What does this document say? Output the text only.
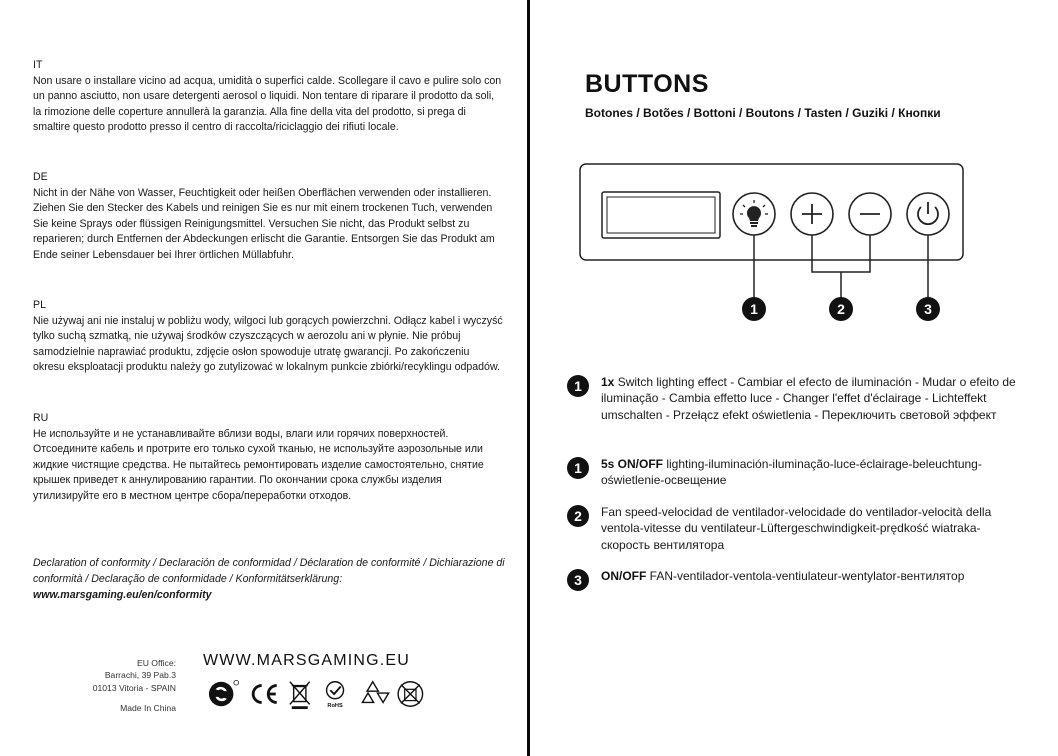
IT
Non usare o installare vicino ad acqua, umidità o superfici calde. Scollegare il cavo e pulire solo con un panno asciutto, non usare detergenti aerosol o liquidi. Non tentare di riparare il prodotto da soli, la rimozione delle coperture annullerà la garanzia. Alla fine della vita del prodotto, si prega di smaltire questo prodotto presso il centro di raccolta/riciclaggio dei rifiuti locale.
DE
Nicht in der Nähe von Wasser, Feuchtigkeit oder heißen Oberflächen verwenden oder installieren. Ziehen Sie den Stecker des Kabels und reinigen Sie es nur mit einem trockenen Tuch, verwenden Sie keine Sprays oder flüssigen Reinigungsmittel. Versuchen Sie nicht, das Produkt selbst zu reparieren; durch Entfernen der Abdeckungen erlischt die Garantie. Entsorgen Sie das Produkt am Ende seiner Lebensdauer bei Ihrer örtlichen Müllabfuhr.
PL
Nie używaj ani nie instaluj w pobliżu wody, wilgoci lub gorących powierzchni. Odłącz kabel i wyczyść tylko suchą szmatką, nie używaj środków czyszczących w aerozolu ani w płynie. Nie próbuj samodzielnie naprawiać produktu, zdjęcie osłon spowoduje utratę gwarancji. Po zakończeniu okresu eksploatacji produktu należy go zutylizować w lokalnym punkcie zbiórki/recyklingu odpadów.
RU
Не используйте и не устанавливайте вблизи воды, влаги или горячих поверхностей. Отсоедините кабель и протрите его только сухой тканью, не используйте аэрозольные или жидкие чистящие средства. Не пытайтесь ремонтировать изделие самостоятельно, снятие крышек приведет к аннулированию гарантии. По окончании срока службы изделия утилизируйте его в местном центре сбора/переработки отходов.
Declaration of conformity / Declaración de conformidad / Déclaration de conformité / Dichiarazione di conformità / Declaração de conformidade / Konformitätserklärung:
www.marsgaming.eu/en/conformity
EU Office:
Barrachi, 39 Pab.3
01013 Vitoria - SPAIN
Made In China
WWW.MARSGAMING.EU
RoHS
BUTTONS
Botones / Botões / Bottoni / Boutons / Tasten / Guziki / Кнопки
1	2	3
1	1x Switch lighting effect - Cambiar el efecto de iluminación - Mudar o efeito de iluminação - Cambia effetto luce - Changer l'effet d'éclairage - Lichteffekt umschalten - Przełącz efekt oświetlenia - Переключить световой эффект
1	5s ON/OFF lighting-iluminación-iluminação-luce-éclairage-beleuchtung- oświetlenie-освещение
2	Fan speed-velocidad de ventilador-velocidade do ventilador-velocità della ventola-vitesse du ventilateur-Lüftergeschwindigkeit-prędkość wiatraka-скорость вентилятора
3	ON/OFF FAN-ventilador-ventola-ventiulateur-wentylator-вентилятор
